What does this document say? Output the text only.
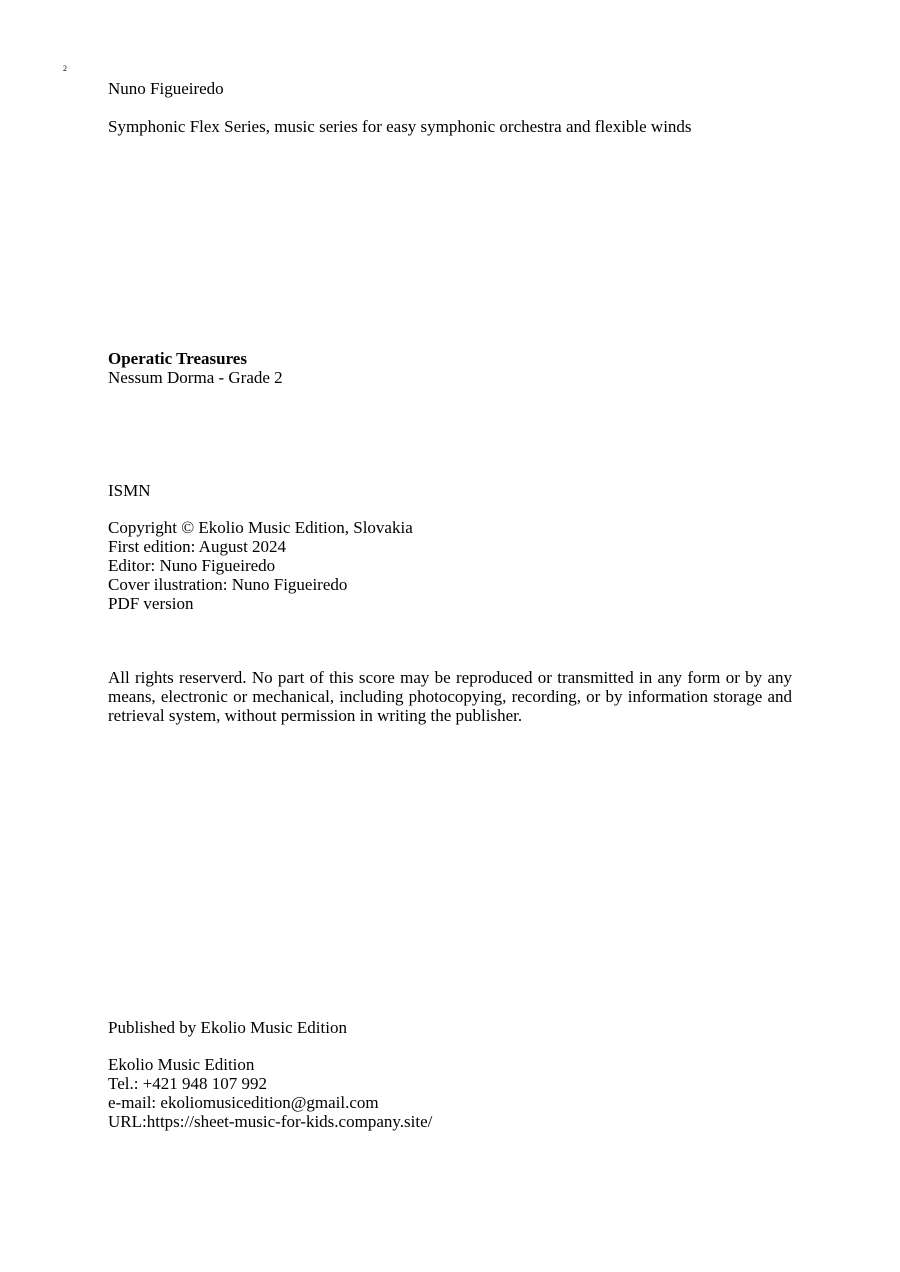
2
Nuno Figueiredo
Symphonic Flex Series, music series for easy symphonic orchestra and flexible winds
Operatic Treasures
Nessum Dorma - Grade 2
ISMN
Copyright © Ekolio Music Edition, Slovakia
First edition: August 2024
Editor: Nuno Figueiredo
Cover ilustration: Nuno Figueiredo
PDF version
All rights reserverd. No part of this score may be reproduced or transmitted in any form or by any means, electronic or mechanical, including photocopying, recording, or by information storage and retrieval system, without permission in writing the publisher.
Published by Ekolio Music Edition
Ekolio Music Edition
Tel.: +421 948 107 992
e-mail: ekoliomusicedition@gmail.com
URL:https://sheet-music-for-kids.company.site/
